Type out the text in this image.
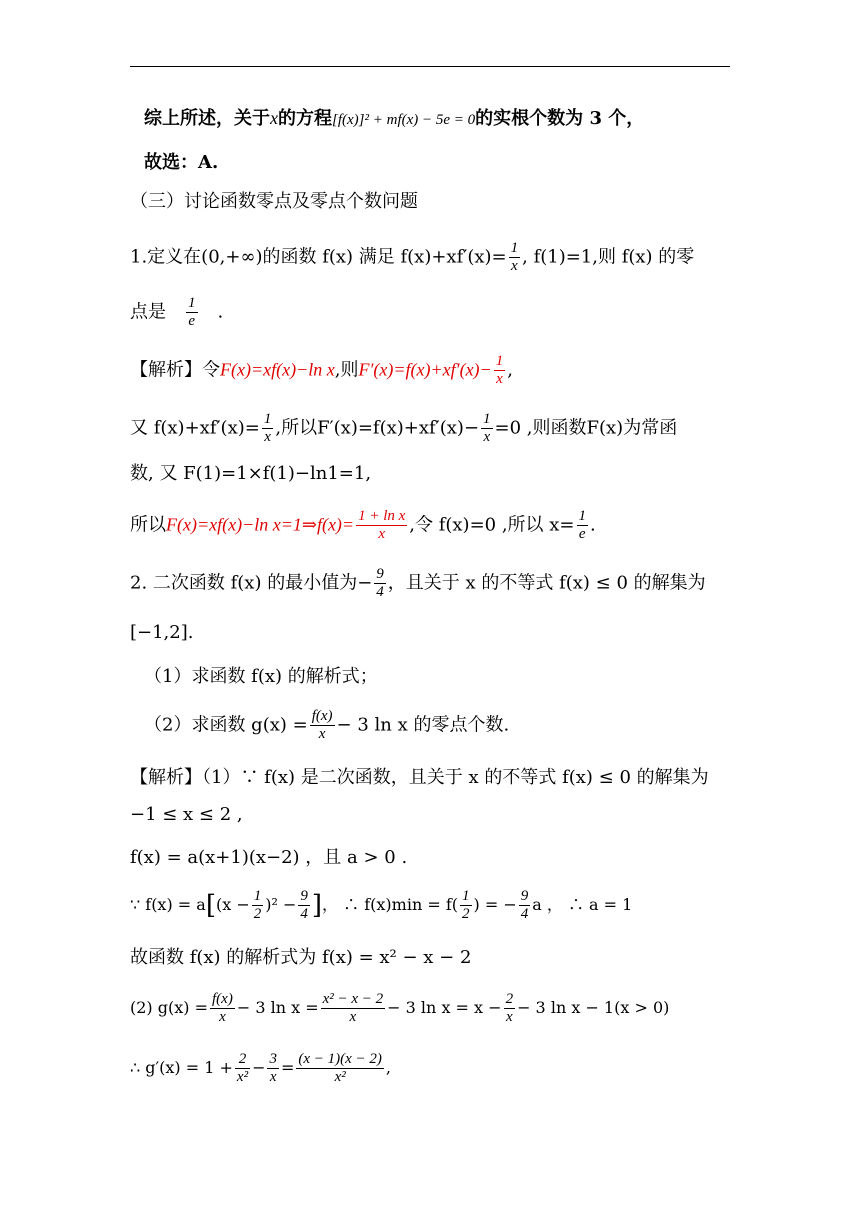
综上所述，关于x的方程[f(x)]² + mf(x) − 5e = 0的实根个数为 3 个，
故选：A.
（三）讨论函数零点及零点个数问题
1.定义在(0,+∞)的函数 f(x) 满足 $f(x)+xf'(x)= \frac{1}{x}$ , f(1)=1,则 f(x) 的零
点是 $\frac{1}{e}$ .
【解析】令F(x)=xf(x)−ln x,则$F'(x)=f(x)+xf'(x)- \frac{1}{x}$ ,
又 $f(x)+xf'(x)= \frac{1}{x}$ ,所以$F'(x)=f(x)+xf'(x)- \frac{1}{x} =0$ ,则函数F(x)为常函
数, 又 F(1)=1×f(1)−ln1=1,
所以F(x)=xf(x)−ln x=1⇒f(x)= $\frac{\text{1 + ln x}}{x}$ ,令 f(x)=0 ,所以 $x= \frac{1}{e}$ .
2. 二次函数 f(x) 的最小值为− $\frac{9}{4}$ ，且关于 x 的不等式 f(x) ≤ 0 的解集为
[−1,2].
（1）求函数 f(x) 的解析式；
（2）求函数 $g(x) = \frac{f(x)}{x} - 3$ ln x 的零点个数.
【解析】（1）∵ f(x) 是二次函数，且关于 x 的不等式 f(x) ≤ 0 的解集为
−1 ≤ x ≤ 2 ,
f(x) = a(x+1)(x−2) ，且 a > 0 .
∵ $f(x) = a[(x - \frac{1}{2} )^2 - \frac{9}{4}$ ]， ∴ $f(x)\min = f( \frac{1}{2}$ ) = − $\frac{9}{4}$ a ， ∴ a = 1
故函数 f(x) 的解析式为 f(x) = x² − x − 2
(2) $g(x) = \frac{f(x)}{x} - 3$ $\ln x = \frac{\text{x² − x − 2}}{x} - 3$ $\ln x = x - \frac{2}{x} - 3$ ln x − 1(x > 0)
∴ $g'(x) = 1 + \frac{2}{\text{x²}} - \frac{3}{x} = \frac{(x - 1)(x - 2)}{\text{x²}}$ ,
